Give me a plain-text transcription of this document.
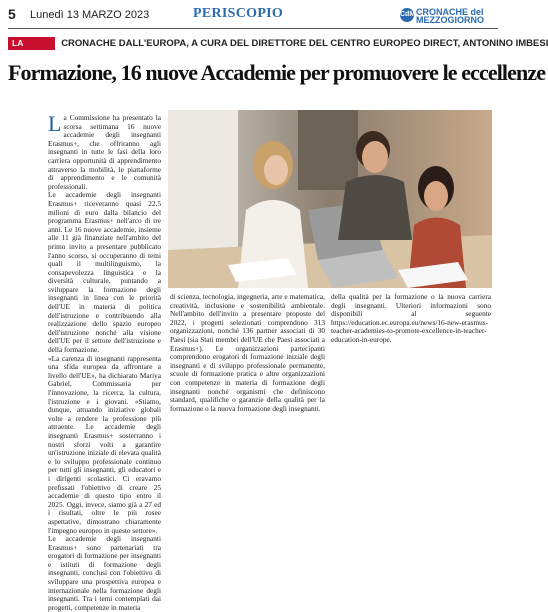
5 Lunedì 13 MARZO 2023	PERISCOPIO	CdM CRONACHE del
MEZZOGIORNO
LA RUBRICA
CRONACHE DALL'EUROPA, A CURA DEL DIRETTORE DEL CENTRO EUROPEO DIRECT, ANTONINO IMBESI
Formazione, 16 nuove Accademie per promuovere le eccellenze
L a Commissione ha presentato la scorsa settimana 16 nuove accademie degli insegnanti Erasmus+, che offriranno agli insegnanti in tutte le fasi della loro carriera opportunità di apprendimento attraverso la mobilità, le piattaforme di apprendimento e le comunità professionali.

Le accademie degli insegnanti Erasmus+ riceveranno quasi 22,5 milioni di euro dalla bilancio del programma Erasmus+ nell'arco di tre anni. Le 16 nuove accademie, insieme alle 11 già finanziate nell'ambito del primo invito a presentare pubblicato l'anno scorso, si occuperanno di temi quali il multilinguismo, la consapevolezza linguistica e la diversità culturale, puntando a sviluppare la formazione degli insegnanti in linea con le priorità dell'UE in materia di politica dell'istruzione e contribuendo alla realizzazione dello spazio europeo dell'istruzione nonché alla visione dell'UE per il settore dell'istruzione e della formazione.

«La carenza di insegnanti rappresenta una sfida europea da affrontare a livello dell'UE», ha dichiarato Mariya Gabriel, Commissaria per l'innovazione, la ricerca, la cultura, l'istruzione e i giovani. «Stiamo, dunque, attuando iniziative globali volte a rendere la professione più attraente. Le accademie degli insegnanti Erasmus+ sosterranno i nostri sforzi volti a garantire un'istruzione iniziale di elevata qualità e lo sviluppo professionale continuo per tutti gli insegnanti, gli educatori e i dirigenti scolastici. Ci eravamo prefissati l'obiettivo di creare 25 accademie di questo tipo entro il 2025. Oggi, invece, siamo già a 27 ed i risultati, oltre le più rosee aspettative, dimostrano chiaramente l'impegno europeo in questo settore».

Le accademie degli insegnanti Erasmus+ sono partenariati tra erogatori di formazione per insegnanti e istituti di formazione degli insegnanti, conclusi con l'obiettivo di sviluppare una prospettiva europea e internazionale nella formazione degli insegnanti. Tra i temi contemplati dai progetti, competenze in materia

di scienza, tecnologia, ingegneria, arte e matematica, creatività, inclusione e sostenibilità ambientale. Nell'ambito dell'invito a presentare proposte del 2022, i progetti selezionati comprendono 313 organizzazioni, nonché 136 partner associati di 30 Paesi (sia Stati membri dell'UE che Paesi associati a Erasmus+). Le organizzazioni partecipanti comprendono erogatori di formazione iniziale degli insegnanti e di sviluppo professionale permanente, scuole di formazione pratica e altre organizzazioni con competenze in materia di formazione degli insegnanti nonché organismi che definiscono standard, qualifiche o garanzie della qualità per la formazione o la nuova formazione degli insegnanti.

della qualità per la formazione o la nuova carriera degli insegnanti. Ulteriori informazioni sono disponibili al seguente https://education.ec.europa.eu/news/16-new-erasmus-teacher-academies-to-promote-excellence-in-teacher-education-in-europe.
